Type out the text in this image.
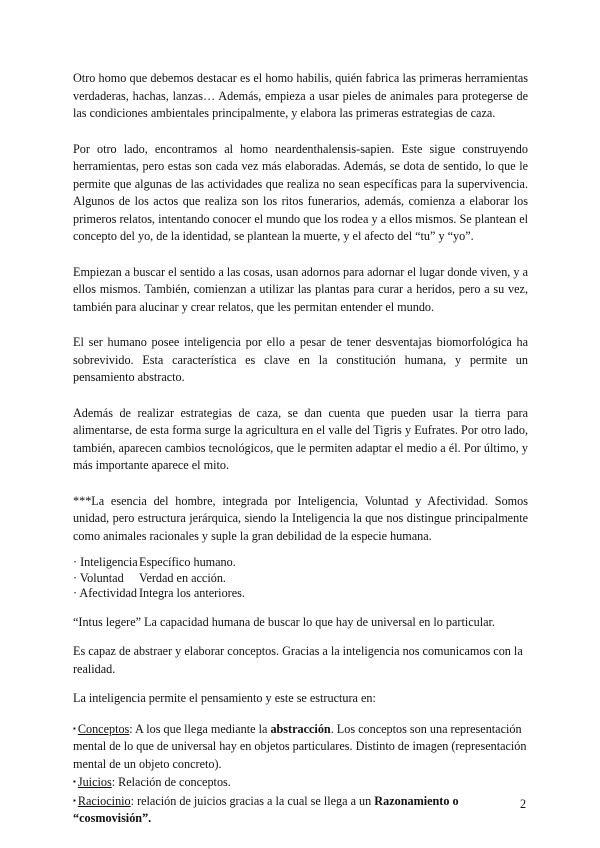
Otro homo que debemos destacar es el homo habilis, quién fabrica las primeras herramientas verdaderas, hachas, lanzas… Además, empieza a usar pieles de animales para protegerse de las condiciones ambientales principalmente, y elabora las primeras estrategias de caza.

Por otro lado, encontramos al homo neardenthalensis-sapien. Este sigue construyendo herramientas, pero estas son cada vez más elaboradas. Además, se dota de sentido, lo que le permite que algunas de las actividades que realiza no sean específicas para la supervivencia. Algunos de los actos que realiza son los ritos funerarios, además, comienza a elaborar los primeros relatos, intentando conocer el mundo que los rodea y a ellos mismos. Se plantean el concepto del yo, de la identidad, se plantean la muerte, y el afecto del “tu” y “yo”.

Empiezan a buscar el sentido a las cosas, usan adornos para adornar el lugar donde viven, y a ellos mismos. También, comienzan a utilizar las plantas para curar a heridos, pero a su vez, también para alucinar y crear relatos, que les permitan entender el mundo.

El ser humano posee inteligencia por ello a pesar de tener desventajas biomorfológica ha sobrevivido. Esta característica es clave en la constitución humana, y permite un pensamiento abstracto.

Además de realizar estrategias de caza, se dan cuenta que pueden usar la tierra para alimentarse, de esta forma surge la agricultura en el valle del Tigris y Eufrates. Por otro lado, también, aparecen cambios tecnológicos, que le permiten adaptar el medio a él. Por último, y más importante aparece el mito.

***La esencia del hombre, integrada por Inteligencia, Voluntad y Afectividad. Somos unidad, pero estructura jerárquica, siendo la Inteligencia la que nos distingue principalmente como animales racionales y suple la gran debilidad de la especie humana.

· InteligenciaEspecífico humano.
· Voluntad Verdad en acción.
· Afectividad Integra los anteriores.

“Intus legere” La capacidad humana de buscar lo que hay de universal en lo particular.

Es capaz de abstraer y elaborar conceptos. Gracias a la inteligencia nos comunicamos con la realidad.

La inteligencia permite el pensamiento y este se estructura en:

▪ Conceptos: A los que llega mediante la abstracción. Los conceptos son una representación mental de lo que de universal hay en objetos particulares. Distinto de imagen (representación mental de un objeto concreto).

▪ Juicios: Relación de conceptos.

▪ Raciocinio: relación de juicios gracias a la cual se llega a un Razonamiento o “cosmovisión”.

2
